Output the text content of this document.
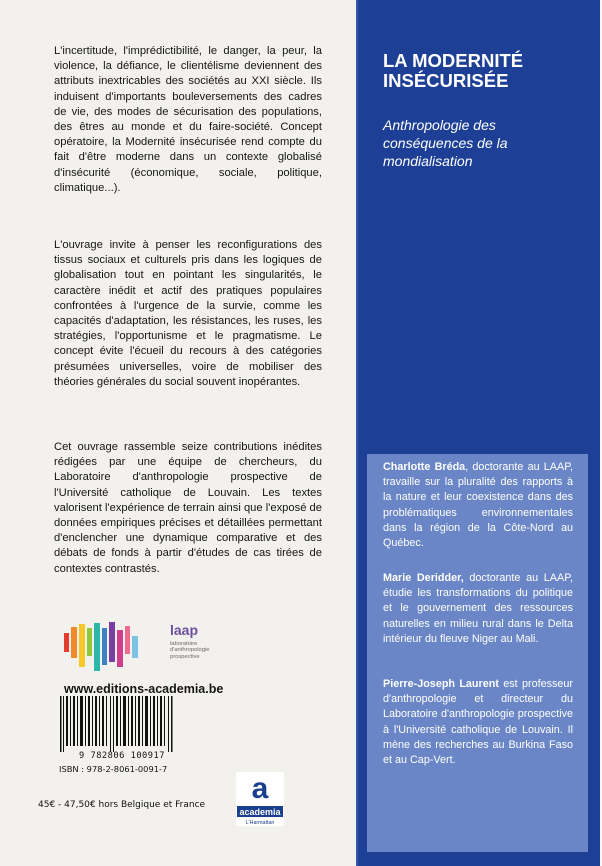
L'incertitude, l'imprédictibilité, le danger, la peur, la violence, la défiance, le clientélisme deviennent des attributs inextricables des sociétés au XXI siècle. Ils induisent d'importants bouleversements des cadres de vie, des modes de sécurisation des populations, des êtres au monde et du faire-société. Concept opératoire, la Modernité insécurisée rend compte du fait d'être moderne dans un contexte globalisé d'insécurité (économique, sociale, politique, climatique...).
L'ouvrage invite à penser les reconfigurations des tissus sociaux et culturels pris dans les logiques de globalisation tout en pointant les singularités, le caractère inédit et actif des pratiques populaires confrontées à l'urgence de la survie, comme les capacités d'adaptation, les résistances, les ruses, les stratégies, l'opportunisme et le pragmatisme. Le concept évite l'écueil du recours à des catégories présumées universelles, voire de mobiliser des théories générales du social souvent inopérantes.
Cet ouvrage rassemble seize contributions inédites rédigées par une équipe de chercheurs, du Laboratoire d'anthropologie prospective de l'Université catholique de Louvain. Les textes valorisent l'expérience de terrain ainsi que l'exposé de données empiriques précises et détaillées permettant d'enclencher une dynamique comparative et des débats de fonds à partir d'études de cas tirées de contextes contrastés.
laap
laboratoire d'anthropologie prospective
www.editions-academia.be
9 782806 100917
ISBN : 978-2-8061-0091-7
45€ - 47,50€ hors Belgique et France a
academia
L'Harmattan
LA MODERNITÉ INSÉCURISÉE
Anthropologie des conséquences de la mondialisation
Charlotte Bréda, doctorante au LAAP, travaille sur la pluralité des rapports à la nature et leur coexistence dans des problématiques environnementales dans la région de la Côte-Nord au Québec.
Marie Deridder, doctorante au LAAP, étudie les transformations du politique et le gouvernement des ressources naturelles en milieu rural dans le Delta intérieur du fleuve Niger au Mali.
Pierre-Joseph Laurent est professeur d'anthropologie et directeur du Laboratoire d'anthropologie prospective à l'Université catholique de Louvain. Il mène des recherches au Burkina Faso et au Cap-Vert.
